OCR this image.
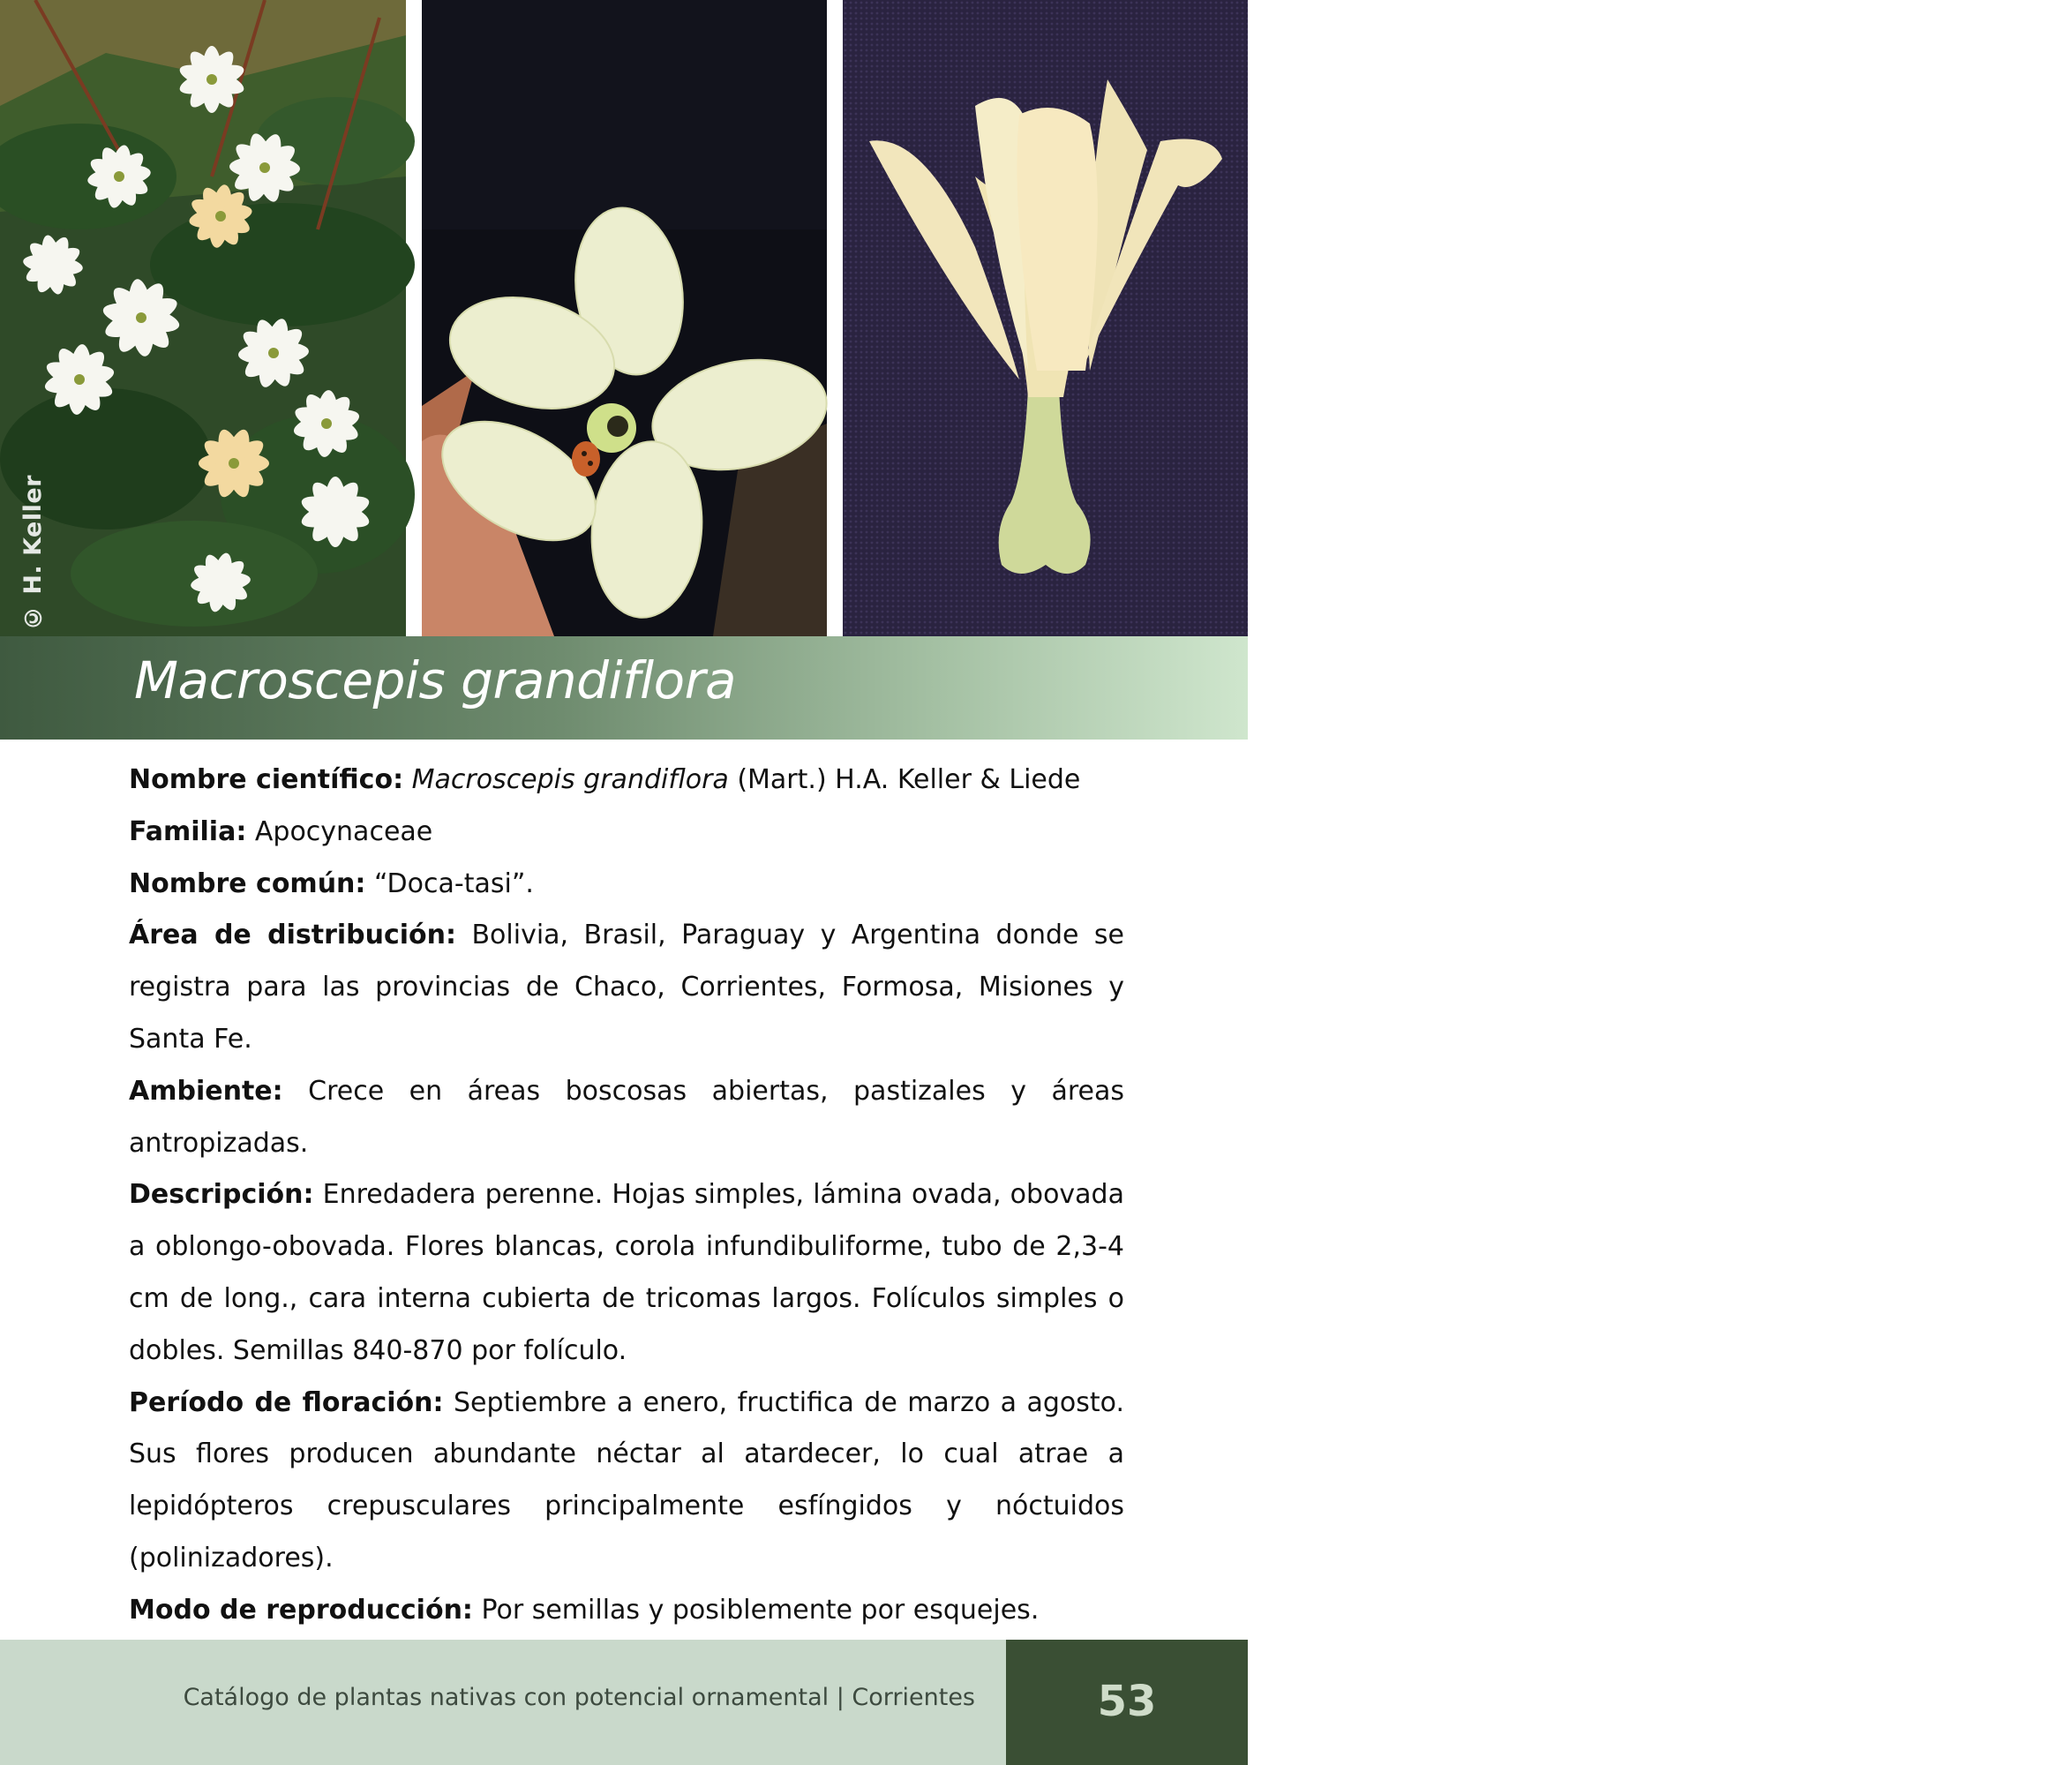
© H. Keller	© H. Keller
Macroscepis grandiflora

Nombre científico: Macroscepis grandiflora (Mart.) H.A. Keller & Liede

Familia: Apocynaceae

Nombre común: “Doca-tasi”.

Área de distribución: Bolivia, Brasil, Paraguay y Argentina donde se registra para las provincias de Chaco, Corrientes, Formosa, Misiones y Santa Fe.

Ambiente: Crece en áreas boscosas abiertas, pastizales y áreas antropizadas.

Descripción: Enredadera perenne. Hojas simples, lámina ovada, obovada a oblongo-obovada. Flores blancas, corola infundibuliforme, tubo de 2,3-4 cm de long., cara interna cubierta de tricomas largos. Folículos simples o dobles. Semillas 840-870 por folículo.

Período de floración: Septiembre a enero, fructifica de marzo a agosto. Sus flores producen abundante néctar al atardecer, lo cual atrae a lepidópteros crepusculares principalmente esfíngidos y nóctuidos (polinizadores).

Modo de reproducción: Por semillas y posiblemente por esquejes.

Catálogo de plantas nativas con potencial ornamental | Corrientes	53
